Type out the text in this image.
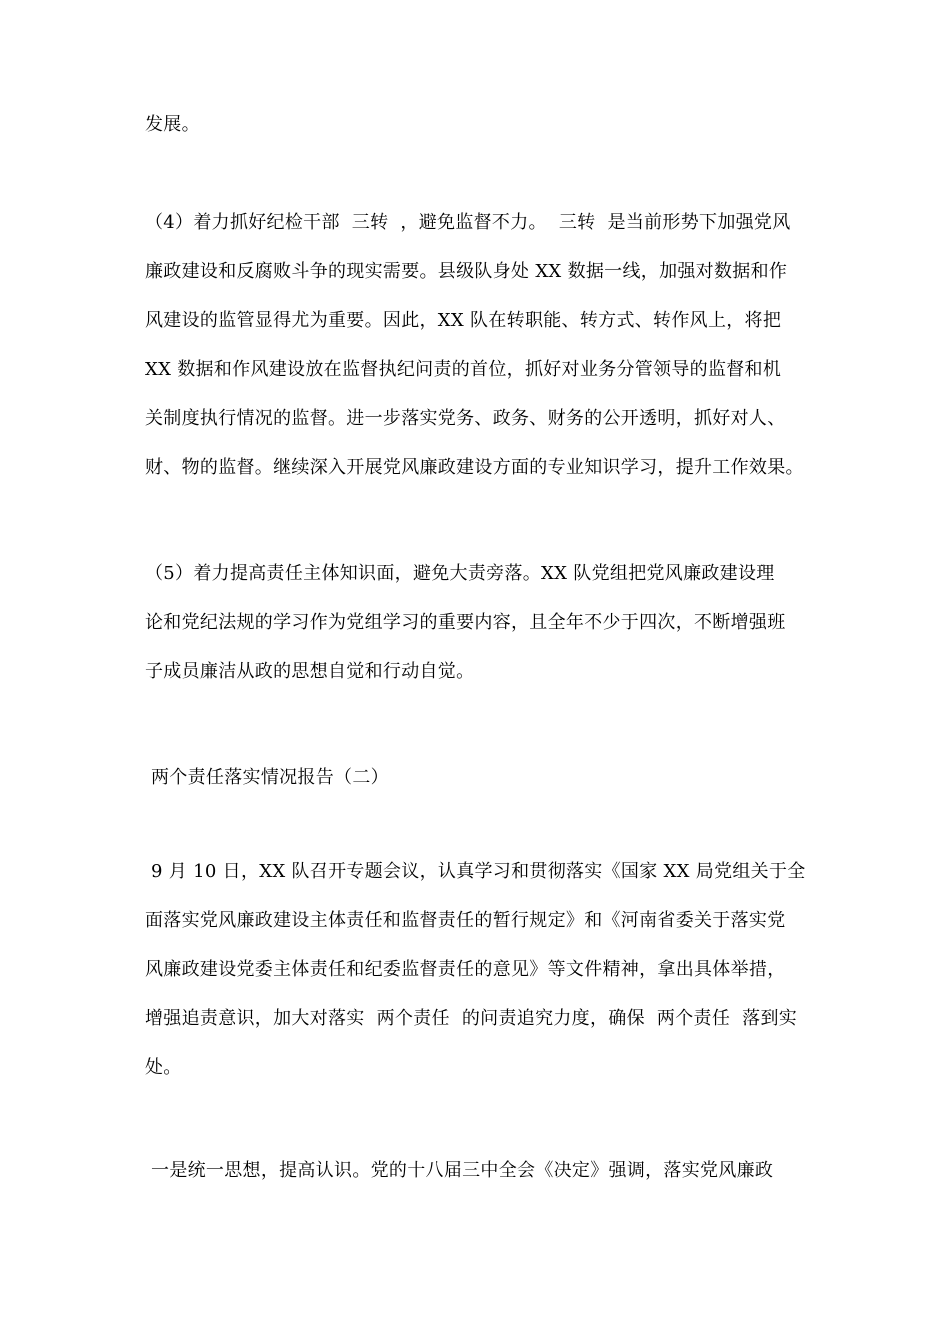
发展。
（4）着力抓好纪检干部  三转  ，避免监督不力。  三转  是当前形势下加强党风
廉政建设和反腐败斗争的现实需要。县级队身处 XX 数据一线，加强对数据和作
风建设的监管显得尤为重要。因此，XX 队在转职能、转方式、转作风上，将把
XX 数据和作风建设放在监督执纪问责的首位，抓好对业务分管领导的监督和机
关制度执行情况的监督。进一步落实党务、政务、财务的公开透明，抓好对人、
财、物的监督。继续深入开展党风廉政建设方面的专业知识学习，提升工作效果。
（5）着力提高责任主体知识面，避免大责旁落。XX 队党组把党风廉政建设理
论和党纪法规的学习作为党组学习的重要内容，且全年不少于四次，不断增强班
子成员廉洁从政的思想自觉和行动自觉。
两个责任落实情况报告（二）
9 月 10 日，XX 队召开专题会议，认真学习和贯彻落实《国家 XX 局党组关于全
面落实党风廉政建设主体责任和监督责任的暂行规定》和《河南省委关于落实党
风廉政建设党委主体责任和纪委监督责任的意见》等文件精神，拿出具体举措，
增强追责意识，加大对落实  两个责任  的问责追究力度，确保  两个责任  落到实
处。
一是统一思想，提高认识。党的十八届三中全会《决定》强调，落实党风廉政
